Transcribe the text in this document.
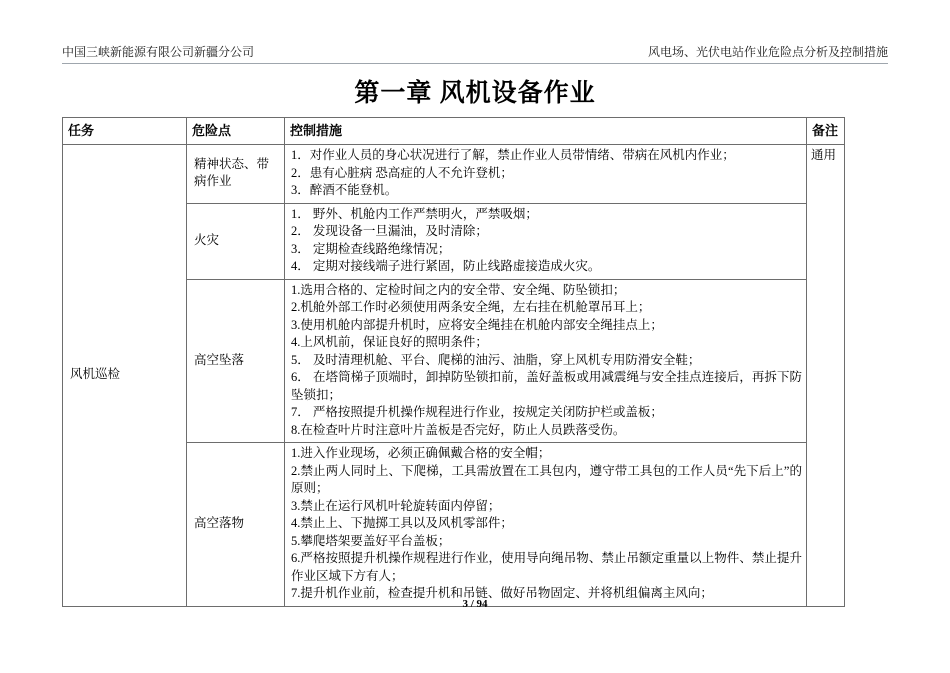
中国三峡新能源有限公司新疆分公司	风电场、光伏电站作业危险点分析及控制措施
第一章 风机设备作业
任务	危险点	控制措施	备注
风机巡检	精神状态、带病作业	
1．对作业人员的身心状况进行了解，禁止作业人员带情绪、带病在风机内作业；
2．患有心脏病 恐高症的人不允许登机；
3．醉酒不能登机。
	通用
火灾	
1． 野外、机舱内工作严禁明火，严禁吸烟；
2． 发现设备一旦漏油，及时清除；
3． 定期检查线路绝缘情况；
4． 定期对接线端子进行紧固，防止线路虚接造成火灾。

高空坠落	
1.选用合格的、定检时间之内的安全带、安全绳、防坠锁扣；
2.机舱外部工作时必须使用两条安全绳，左右挂在机舱罩吊耳上；
3.使用机舱内部提升机时，应将安全绳挂在机舱内部安全绳挂点上；
4.上风机前，保证良好的照明条件；
5． 及时清理机舱、平台、爬梯的油污、油脂，穿上风机专用防滑安全鞋；
6． 在塔筒梯子顶端时，卸掉防坠锁扣前，盖好盖板或用减震绳与安全挂点连接后，再拆下防坠锁扣；
7． 严格按照提升机操作规程进行作业，按规定关闭防护栏或盖板；
8.在检查叶片时注意叶片盖板是否完好，防止人员跌落受伤。

高空落物	
1.进入作业现场，必须正确佩戴合格的安全帽；
2.禁止两人同时上、下爬梯，工具需放置在工具包内，遵守带工具包的工作人员“先下后上”的原则；
3.禁止在运行风机叶轮旋转面内停留；
4.禁止上、下抛掷工具以及风机零部件；
5.攀爬塔架要盖好平台盖板；
6.严格按照提升机操作规程进行作业，使用导向绳吊物、禁止吊额定重量以上物件、禁止提升作业区域下方有人；
7.提升机作业前，检查提升机和吊链、做好吊物固定、并将机组偏离主风向；
3 / 94
